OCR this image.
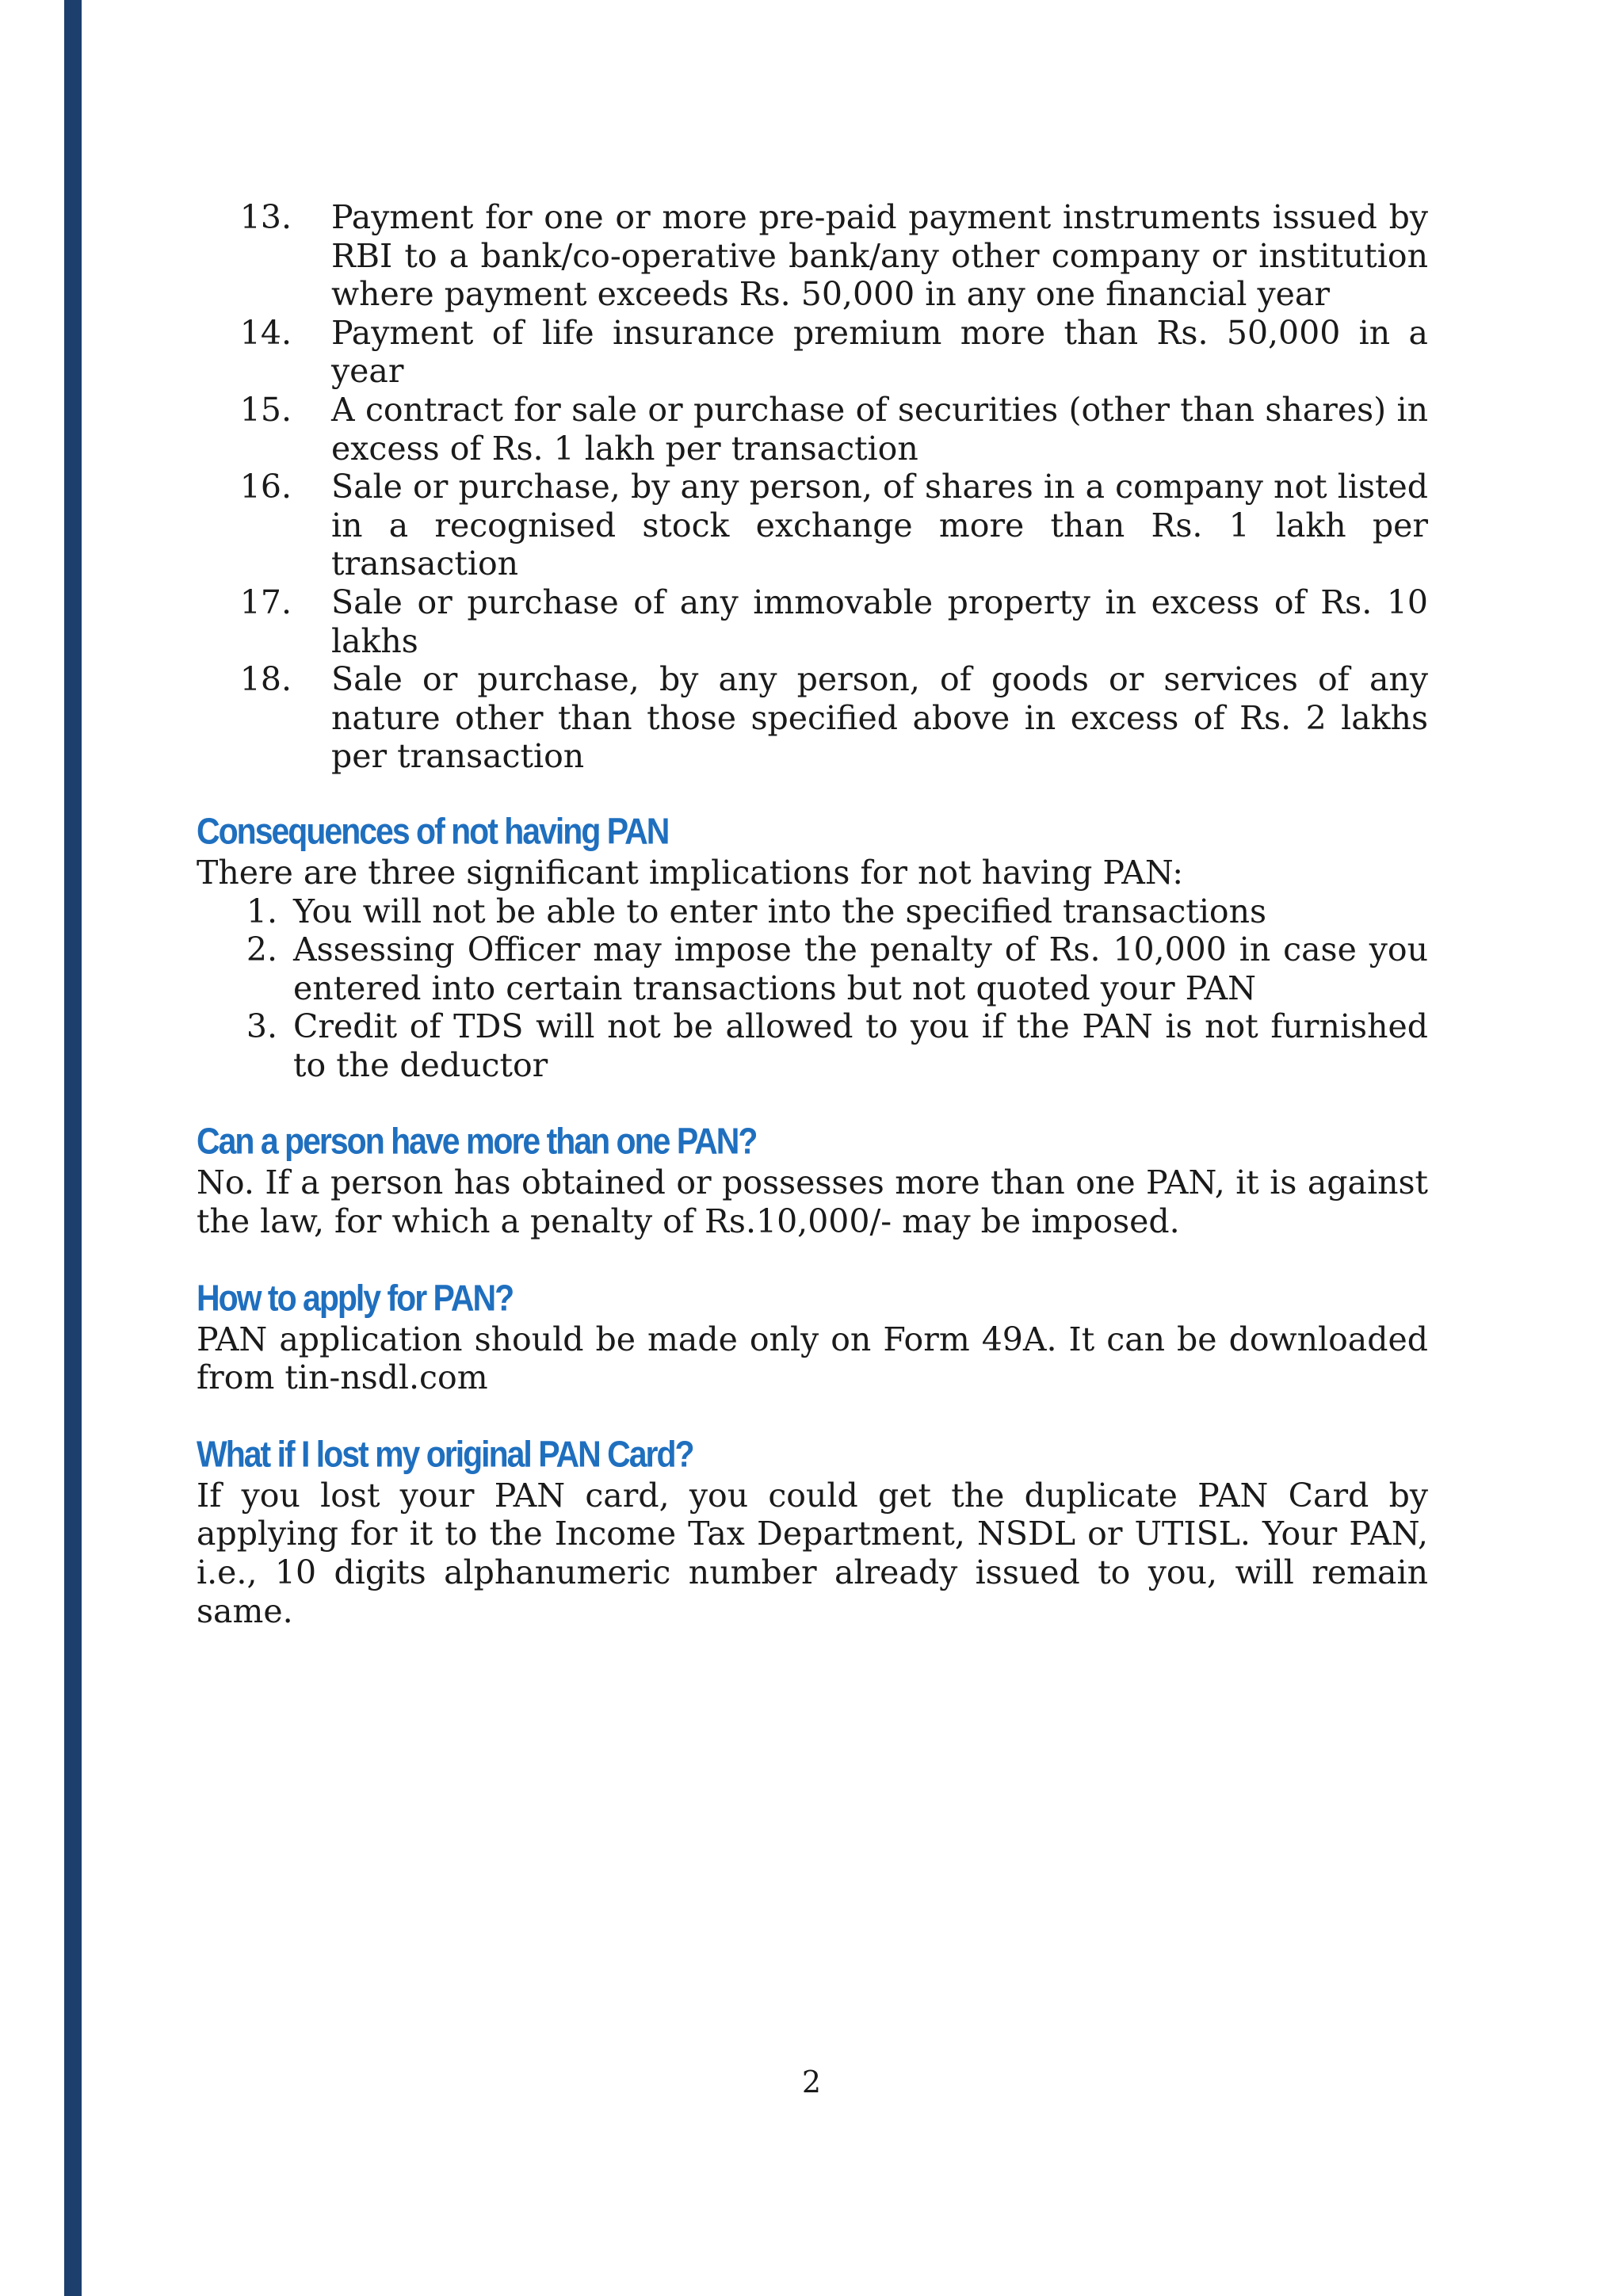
13.	Payment for one or more pre-paid payment instruments issued by RBI to a bank/co-operative bank/any other company or institution where payment exceeds Rs. 50,000 in any one financial year
14.	Payment of life insurance premium more than Rs. 50,000 in a year
15.	A contract for sale or purchase of securities (other than shares) in excess of Rs. 1 lakh per transaction
16.	Sale or purchase, by any person, of shares in a company not listed in a recognised stock exchange more than Rs. 1 lakh per transaction
17.	Sale or purchase of any immovable property in excess of Rs. 10 lakhs
18.	Sale or purchase, by any person, of goods or services of any nature other than those specified above in excess of Rs. 2 lakhs per transaction
Consequences of not having PAN

There are three significant implications for not having PAN:

1. You will not be able to enter into the specified transactions
2. Assessing Officer may impose the penalty of Rs. 10,000 in case you entered into certain transactions but not quoted your PAN
3. Credit of TDS will not be allowed to you if the PAN is not furnished to the deductor
Can a person have more than one PAN?

No. If a person has obtained or possesses more than one PAN, it is against the law, for which a penalty of Rs.10,000/- may be imposed.

How to apply for PAN?

PAN application should be made only on Form 49A. It can be downloaded from tin-nsdl.com

What if I lost my original PAN Card?

If you lost your PAN card, you could get the duplicate PAN Card by applying for it to the Income Tax Department, NSDL or UTISL. Your PAN, i.e., 10 digits alphanumeric number already issued to you, will remain same.

2
